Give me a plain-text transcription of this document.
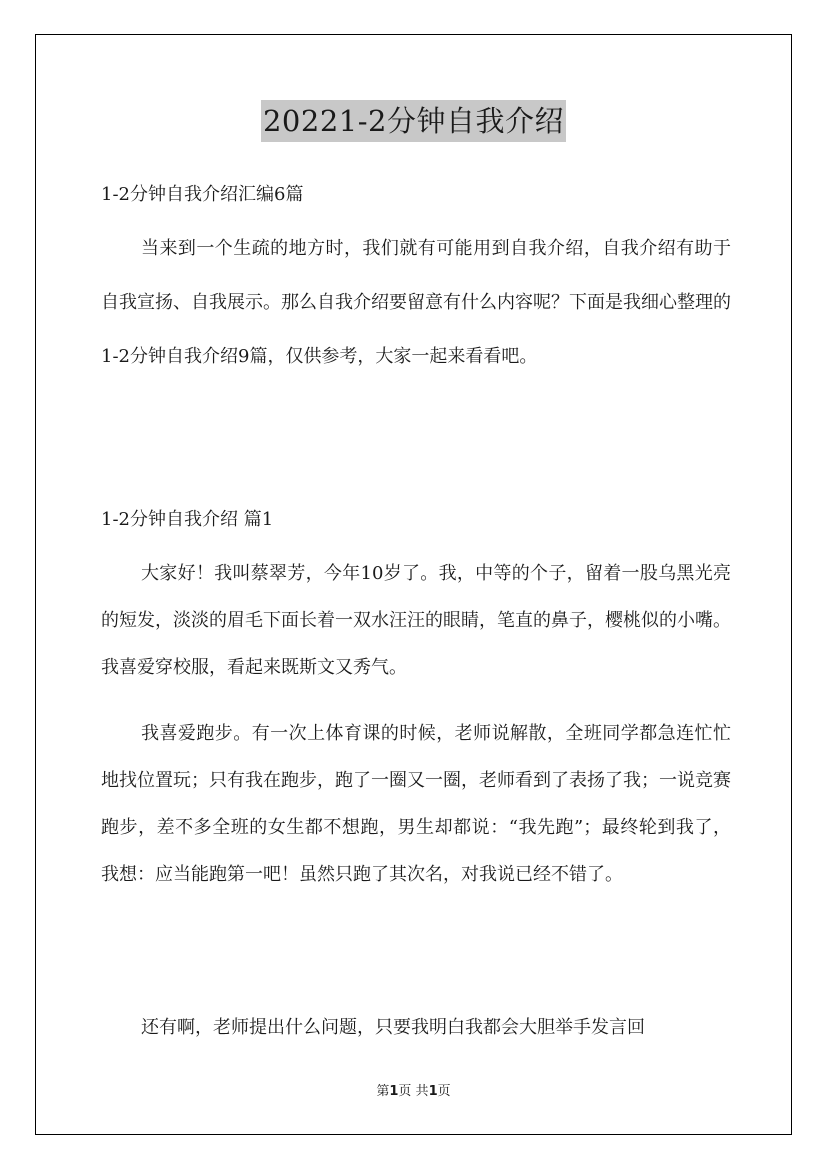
20221-2分钟自我介绍

1-2分钟自我介绍汇编6篇

当来到一个生疏的地方时，我们就有可能用到自我介绍，自我介绍有助于自我宣扬、自我展示。那么自我介绍要留意有什么内容呢？下面是我细心整理的1-2分钟自我介绍9篇，仅供参考，大家一起来看看吧。

1-2分钟自我介绍 篇1

大家好！我叫蔡翠芳，今年10岁了。我，中等的个子，留着一股乌黑光亮的短发，淡淡的眉毛下面长着一双水汪汪的眼睛，笔直的鼻子，樱桃似的小嘴。我喜爱穿校服，看起来既斯文又秀气。

我喜爱跑步。有一次上体育课的时候，老师说解散，全班同学都急连忙忙地找位置玩；只有我在跑步，跑了一圈又一圈，老师看到了表扬了我；一说竞赛跑步，差不多全班的女生都不想跑，男生却都说：“我先跑”；最终轮到我了，我想：应当能跑第一吧！虽然只跑了其次名，对我说已经不错了。

还有啊，老师提出什么问题，只要我明白我都会大胆举手发言回

第1页 共1页
